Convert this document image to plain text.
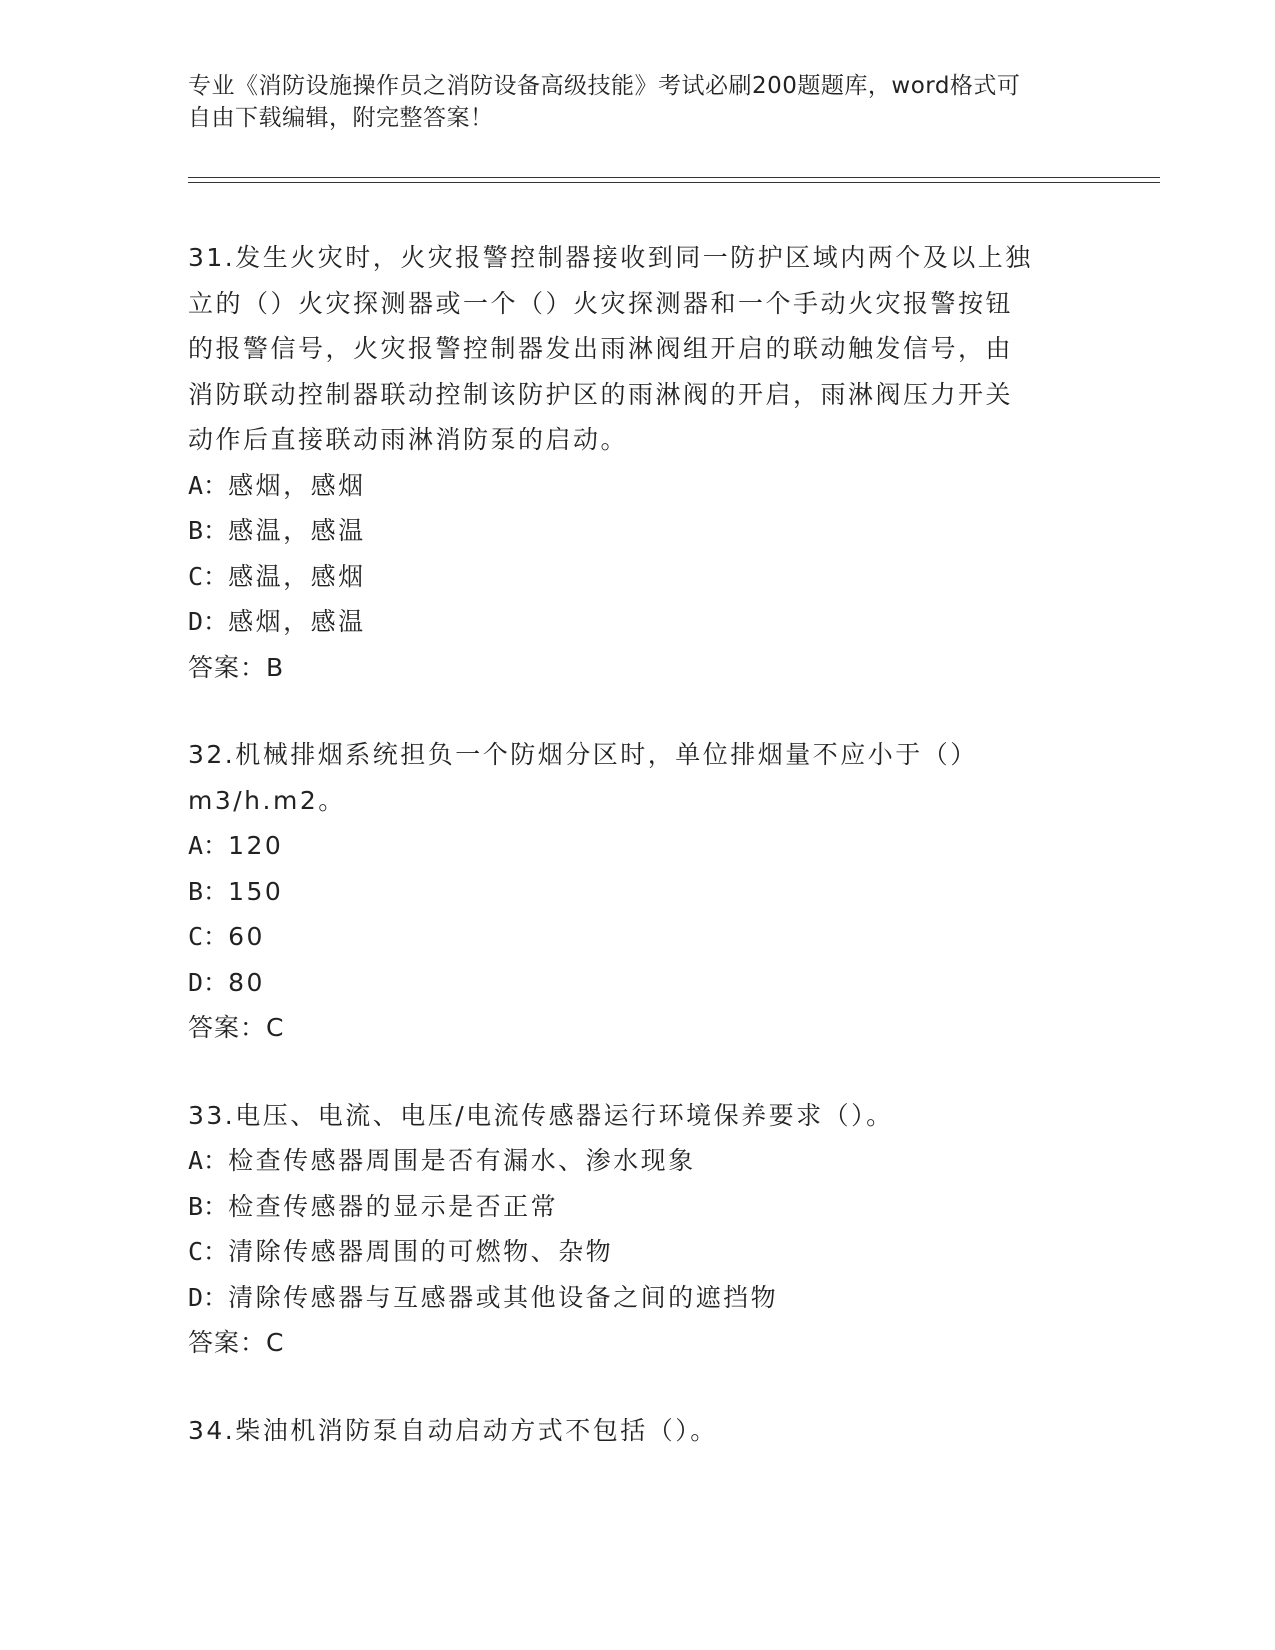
专业《消防设施操作员之消防设备高级技能》考试必刷200题题库，word格式可
自由下载编辑，附完整答案！
31.发生火灾时，火灾报警控制器接收到同一防护区域内两个及以上独
立的（）火灾探测器或一个（）火灾探测器和一个手动火灾报警按钮
的报警信号，火灾报警控制器发出雨淋阀组开启的联动触发信号，由
消防联动控制器联动控制该防护区的雨淋阀的开启，雨淋阀压力开关
动作后直接联动雨淋消防泵的启动。
A：感烟，感烟
B：感温，感温
C：感温，感烟
D：感烟，感温
答案：B
32.机械排烟系统担负一个防烟分区时，单位排烟量不应小于（）
m3/h.m2。
A：120
B：150
C：60
D：80
答案：C
33.电压、电流、电压/电流传感器运行环境保养要求（）。
A：检查传感器周围是否有漏水、渗水现象
B：检查传感器的显示是否正常
C：清除传感器周围的可燃物、杂物
D：清除传感器与互感器或其他设备之间的遮挡物
答案：C
34.柴油机消防泵自动启动方式不包括（）。
